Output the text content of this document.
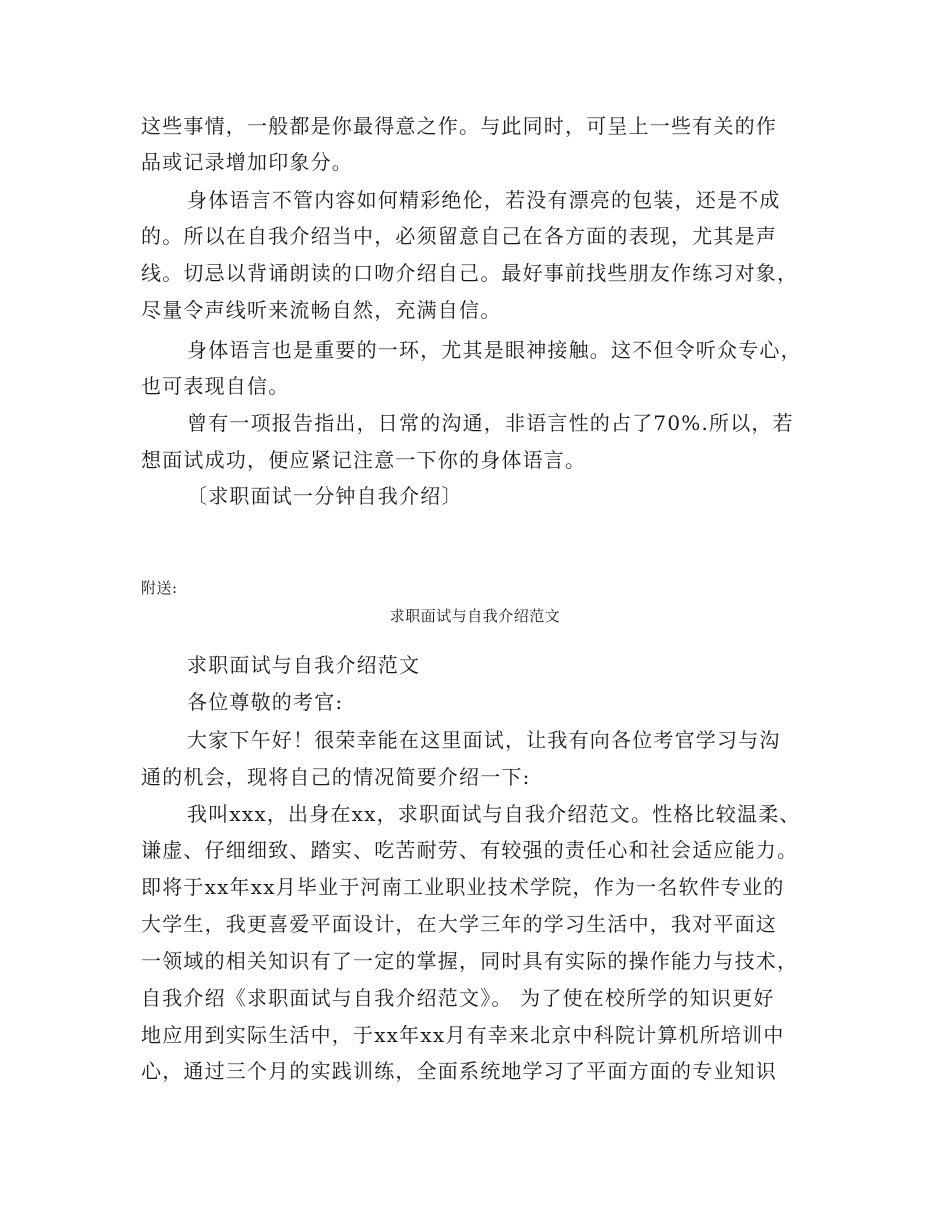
这些事情，一般都是你最得意之作。与此同时，可呈上一些有关的作
品或记录增加印象分。
身体语言不管内容如何精彩绝伦，若没有漂亮的包装，还是不成
的。所以在自我介绍当中，必须留意自己在各方面的表现，尤其是声
线。切忌以背诵朗读的口吻介绍自己。最好事前找些朋友作练习对象，
尽量令声线听来流畅自然，充满自信。
身体语言也是重要的一环，尤其是眼神接触。这不但令听众专心，
也可表现自信。
曾有一项报告指出，日常的沟通，非语言性的占了70%.所以，若
想面试成功，便应紧记注意一下你的身体语言。
〔求职面试一分钟自我介绍〕
附送:
求职面试与自我介绍范文
求职面试与自我介绍范文
各位尊敬的考官:
大家下午好！很荣幸能在这里面试，让我有向各位考官学习与沟
通的机会，现将自己的情况简要介绍一下:
我叫xxx，出身在xx，求职面试与自我介绍范文。性格比较温柔、
谦虚、仔细细致、踏实、吃苦耐劳、有较强的责任心和社会适应能力。
即将于xx年xx月毕业于河南工业职业技术学院，作为一名软件专业的
大学生，我更喜爱平面设计，在大学三年的学习生活中，我对平面这
一领域的相关知识有了一定的掌握，同时具有实际的操作能力与技术，
自我介绍《求职面试与自我介绍范文》。 为了使在校所学的知识更好
地应用到实际生活中，于xx年xx月有幸来北京中科院计算机所培训中
心，通过三个月的实践训练，全面系统地学习了平面方面的专业知识
